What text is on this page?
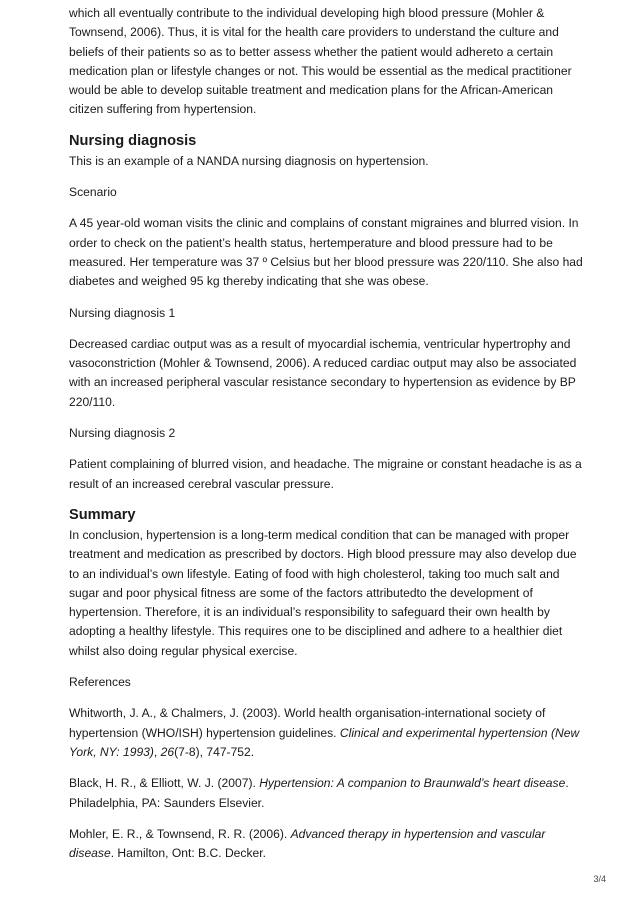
which all eventually contribute to the individual developing high blood pressure (Mohler & Townsend, 2006). Thus, it is vital for the health care providers to understand the culture and beliefs of their patients so as to better assess whether the patient would adhereto a certain medication plan or lifestyle changes or not. This would be essential as the medical practitioner would be able to develop suitable treatment and medication plans for the African-American citizen suffering from hypertension.

Nursing diagnosis

This is an example of a NANDA nursing diagnosis on hypertension.

Scenario

A 45 year-old woman visits the clinic and complains of constant migraines and blurred vision. In order to check on the patient’s health status, hertemperature and blood pressure had to be measured. Her temperature was 37 º Celsius but her blood pressure was 220/110. She also had diabetes and weighed 95 kg thereby indicating that she was obese.

Nursing diagnosis 1

Decreased cardiac output was as a result of myocardial ischemia, ventricular hypertrophy and vasoconstriction (Mohler & Townsend, 2006). A reduced cardiac output may also be associated with an increased peripheral vascular resistance secondary to hypertension as evidence by BP 220/110.

Nursing diagnosis 2

Patient complaining of blurred vision, and headache. The migraine or constant headache is as a result of an increased cerebral vascular pressure.

Summary

In conclusion, hypertension is a long-term medical condition that can be managed with proper treatment and medication as prescribed by doctors. High blood pressure may also develop due to an individual’s own lifestyle. Eating of food with high cholesterol, taking too much salt and sugar and poor physical fitness are some of the factors attributedto the development of hypertension. Therefore, it is an individual’s responsibility to safeguard their own health by adopting a healthy lifestyle. This requires one to be disciplined and adhere to a healthier diet whilst also doing regular physical exercise.

References

Whitworth, J. A., & Chalmers, J. (2003). World health organisation-international society of hypertension (WHO/ISH) hypertension guidelines. Clinical and experimental hypertension (New York, NY: 1993), 26(7-8), 747-752.

Black, H. R., & Elliott, W. J. (2007). Hypertension: A companion to Braunwald’s heart disease. Philadelphia, PA: Saunders Elsevier.

Mohler, E. R., & Townsend, R. R. (2006). Advanced therapy in hypertension and vascular disease. Hamilton, Ont: B.C. Decker.

3/4
